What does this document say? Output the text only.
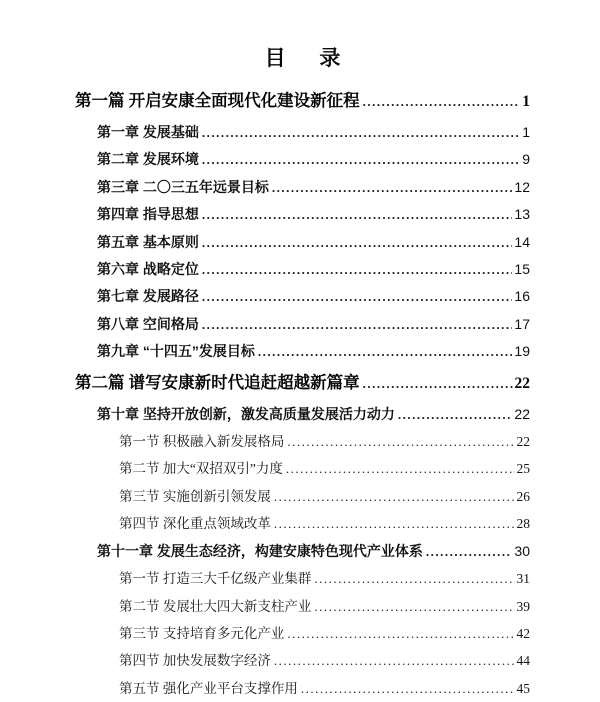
目 录
第一篇 开启安康全面现代化建设新征程 .....	1
第一章 发展基础 .....	1
第二章 发展环境 .....	9
第三章 二〇三五年远景目标 .....	12
第四章 指导思想 .....	13
第五章 基本原则 .....	14
第六章 战略定位 .....	15
第七章 发展路径 .....	16
第八章 空间格局 .....	17
第九章 “十四五”发展目标 .....	19
第二篇 谱写安康新时代追赶超越新篇章 .....	22
第十章 坚持开放创新，激发高质量发展活力动力 .....	22
第一节 积极融入新发展格局 .....	22
第二节 加大“双招双引”力度 .....	25
第三节 实施创新引领发展 .....	26
第四节 深化重点领域改革 .....	28
第十一章 发展生态经济，构建安康特色现代产业体系 .....	30
第一节 打造三大千亿级产业集群 .....	31
第二节 发展壮大四大新支柱产业 .....	39
第三节 支持培育多元化产业 .....	42
第四节 加快发展数字经济 .....	44
第五节 强化产业平台支撑作用 .....	45
